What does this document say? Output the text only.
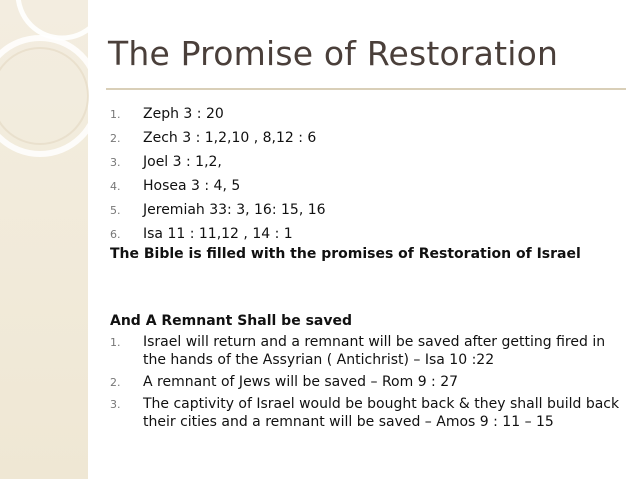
The Promise of Restoration
1. Zeph 3 : 20
2. Zech 3 : 1,2,10 , 8,12 : 6
3. Joel 3 : 1,2,
4. Hosea 3 : 4, 5
5. Jeremiah 33: 3, 16: 15, 16
6. Isa 11 : 11,12 , 14 : 1
The Bible is filled with the promises of Restoration of Israel
And A Remnant Shall be saved
1. Israel will return and a remnant will be saved after getting fired in the hands of the Assyrian ( Antichrist) – Isa 10 :22
2. A remnant of Jews will be saved – Rom 9 : 27
3. The captivity of Israel would be bought back & they shall build back their cities and a remnant will be saved – Amos 9 : 11 – 15
